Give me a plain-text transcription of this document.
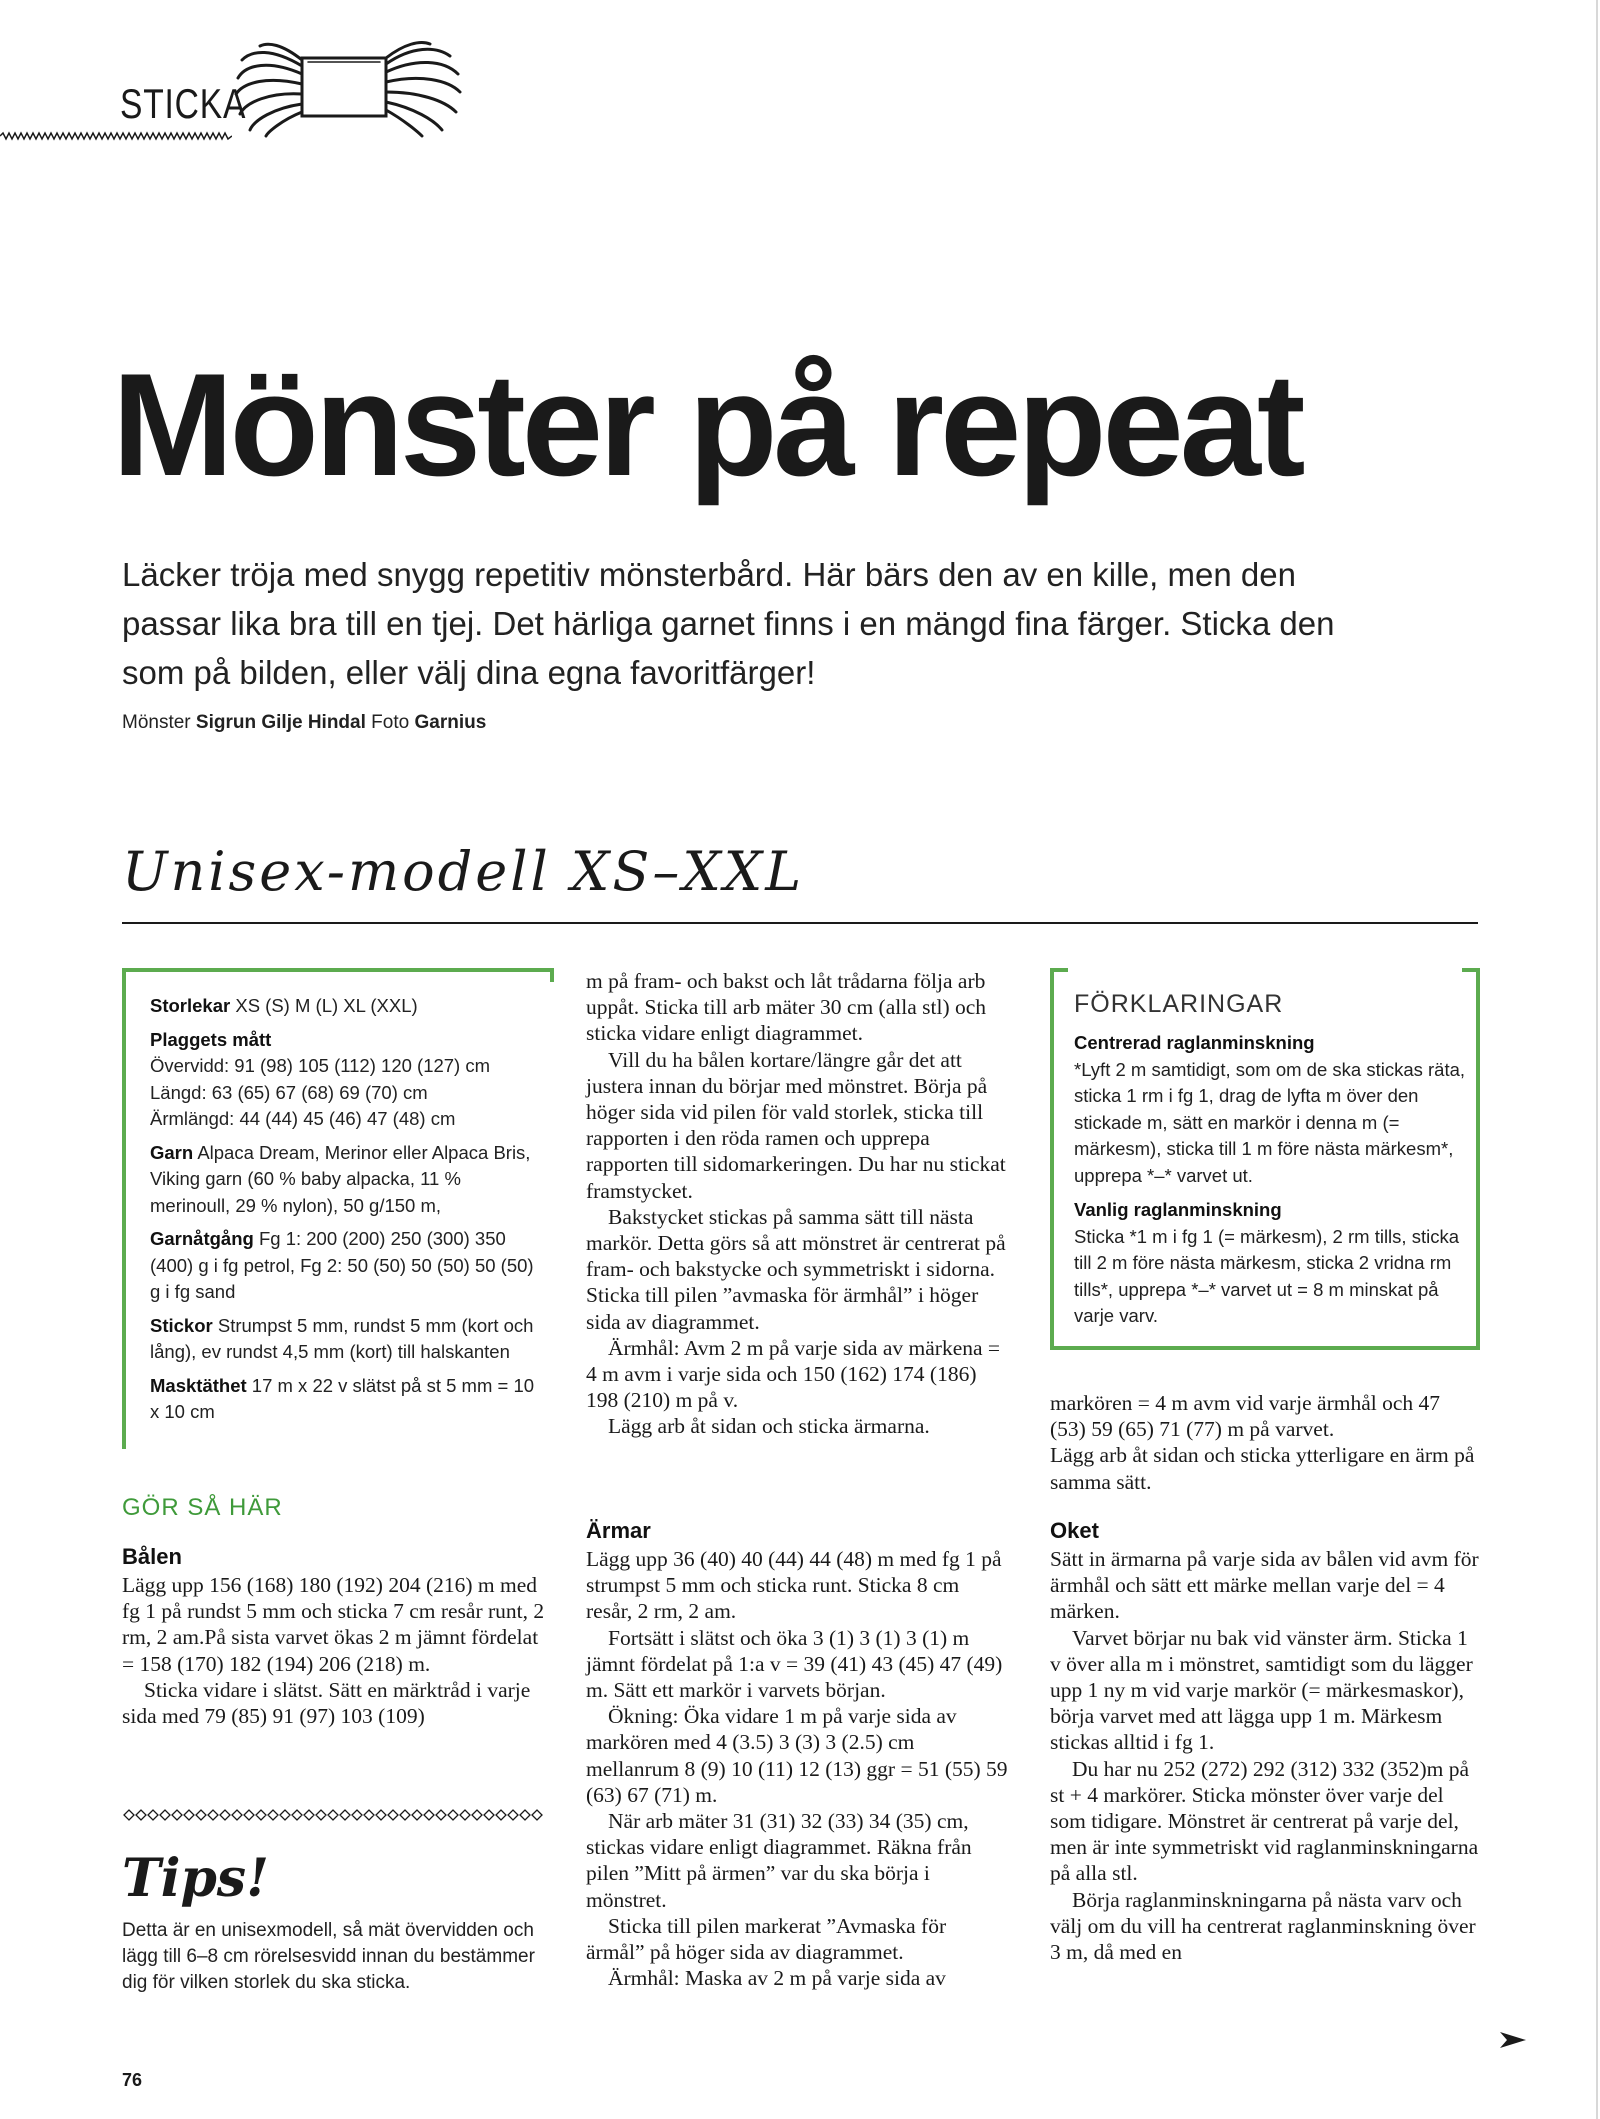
STICKA
Mönster på repeat
Läcker tröja med snygg repetitiv mönsterbård. Här bärs den av en kille, men den passar lika bra till en tjej. Det härliga garnet finns i en mängd fina färger. Sticka den som på bilden, eller välj dina egna favoritfärger!
Mönster Sigrun Gilje Hindal Foto Garnius
Unisex-modell XS–XXL
Storlekar XS (S) M (L) XL (XXL)
Plaggets mått
Övervidd: 91 (98) 105 (112) 120 (127) cm
Längd: 63 (65) 67 (68) 69 (70) cm
Ärmlängd: 44 (44) 45 (46) 47 (48) cm
Garn Alpaca Dream, Merinor eller Alpaca Bris, Viking garn (60 % baby alpacka, 11 % merinoull, 29 % nylon), 50 g/150 m,
Garnåtgång Fg 1: 200 (200) 250 (300) 350 (400) g i fg petrol, Fg 2: 50 (50) 50 (50) 50 (50) g i fg sand
Stickor Strumpst 5 mm, rundst 5 mm (kort och lång), ev rundst 4,5 mm (kort) till halskanten
Masktäthet 17 m x 22 v slätst på st 5 mm = 10 x 10 cm
GÖR SÅ HÄR
Bålen

Lägg upp 156 (168) 180 (192) 204 (216) m med fg 1 på rundst 5 mm och sticka 7 cm resår runt, 2 rm, 2 am.På sista varvet ökas 2 m jämnt fördelat = 158 (170) 182 (194) 206 (218) m.

Sticka vidare i slätst. Sätt en märktråd i varje sida med 79 (85) 91 (97) 103 (109)

Tips!
Detta är en unisexmodell, så mät övervidden och lägg till 6–8 cm rörelsesvidd innan du bestämmer dig för vilken storlek du ska sticka.
76

m på fram- och bakst och låt trådarna följa arb uppåt. Sticka till arb mäter 30 cm (alla stl) och sticka vidare enligt diagrammet.

Vill du ha bålen kortare/längre går det att justera innan du börjar med mönstret. Börja på höger sida vid pilen för vald storlek, sticka till rapporten i den röda ramen och upprepa rapporten till sidomarkeringen. Du har nu stickat framstycket.

Bakstycket stickas på samma sätt till nästa markör. Detta görs så att mönstret är centrerat på fram- och bakstycke och symmetriskt i sidorna. Sticka till pilen ”avmaska för ärmhål” i höger sida av diagrammet.

Ärmhål: Avm 2 m på varje sida av märkena = 4 m avm i varje sida och 150 (162) 174 (186) 198 (210) m på v.

Lägg arb åt sidan och sticka ärmarna.

Ärmar

Lägg upp 36 (40) 40 (44) 44 (48) m med fg 1 på strumpst 5 mm och sticka runt. Sticka 8 cm resår, 2 rm, 2 am.

Fortsätt i slätst och öka 3 (1) 3 (1) 3 (1) m jämnt fördelat på 1:a v = 39 (41) 43 (45) 47 (49) m. Sätt ett markör i varvets början.

Ökning: Öka vidare 1 m på varje sida av markören med 4 (3.5) 3 (3) 3 (2.5) cm mellanrum 8 (9) 10 (11) 12 (13) ggr = 51 (55) 59 (63) 67 (71) m.

När arb mäter 31 (31) 32 (33) 34 (35) cm, stickas vidare enligt diagrammet. Räkna från pilen ”Mitt på ärmen” var du ska börja i mönstret.

Sticka till pilen markerat ”Avmaska för ärmål” på höger sida av diagrammet.

Ärmhål: Maska av 2 m på varje sida av

FÖRKLARINGAR
Centrerad raglanminskning
*Lyft 2 m samtidigt, som om de ska stickas räta, sticka 1 rm i fg 1, drag de lyfta m över den stickade m, sätt en markör i denna m (= märkesm), sticka till 1 m före nästa märkesm*, upprepa *–* varvet ut.
Vanlig raglanminskning
Sticka *1 m i fg 1 (= märkesm), 2 rm tills, sticka till 2 m före nästa märkesm, sticka 2 vridna rm tills*, upprepa *–* varvet ut = 8 m minskat på varje varv.

markören = 4 m avm vid varje ärmhål och 47 (53) 59 (65) 71 (77) m på varvet.

Lägg arb åt sidan och sticka ytterligare en ärm på samma sätt.

Oket

Sätt in ärmarna på varje sida av bålen vid avm för ärmhål och sätt ett märke mellan varje del = 4 märken.

Varvet börjar nu bak vid vänster ärm. Sticka 1 v över alla m i mönstret, samtidigt som du lägger upp 1 ny m vid varje markör (= märkesmaskor), börja varvet med att lägga upp 1 m. Märkesm stickas alltid i fg 1.

Du har nu 252 (272) 292 (312) 332 (352)m på st + 4 markörer. Sticka mönster över varje del som tidigare. Mönstret är centrerat på varje del, men är inte symmetriskt vid raglanminskningarna på alla stl.

Börja raglanminskningarna på nästa varv och välj om du vill ha centrerat raglanminskning över 3 m, då med en
